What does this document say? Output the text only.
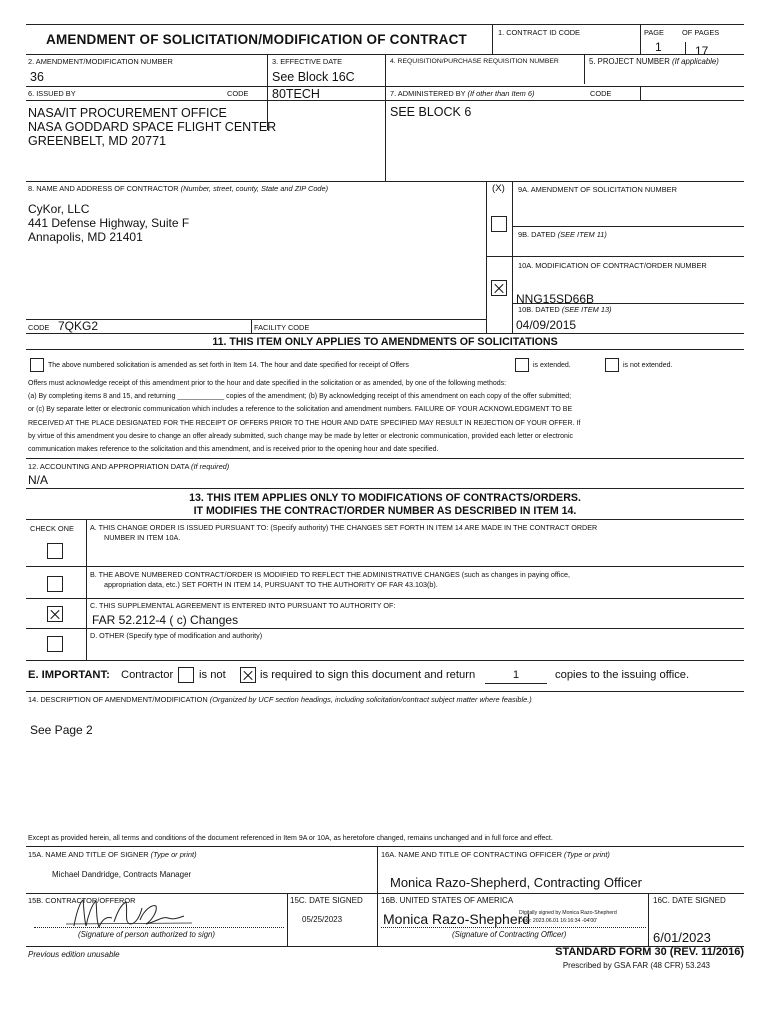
AMENDMENT OF SOLICITATION/MODIFICATION OF CONTRACT	1. CONTRACT ID CODE	PAGE OF PAGES
1	17
2. AMENDMENT/MODIFICATION NUMBER
36
3. EFFECTIVE DATE
See Block 16C
4. REQUISITION/PURCHASE REQUISITION NUMBER	5. PROJECT NUMBER (If applicable)
6. ISSUED BY	CODE 80TECH	7. ADMINISTERED BY (If other than Item 6)	CODE
NASA/IT PROCUREMENT OFFICE
NASA GODDARD SPACE FLIGHT CENTER
GREENBELT, MD 20771
SEE BLOCK 6
8. NAME AND ADDRESS OF CONTRACTOR (Number, street, county, State and ZIP Code)	(X) 9A. AMENDMENT OF SOLICITATION NUMBER
CyKor, LLC
441 Defense Highway, Suite F
Annapolis, MD 21401	9B. DATED (SEE ITEM 11)
10A. MODIFICATION OF CONTRACT/ORDER NUMBER
NNG15SD66B
10B. DATED (SEE ITEM 13)
04/09/2015
CODE 7QKG2	FACILITY CODE
11. THIS ITEM ONLY APPLIES TO AMENDMENTS OF SOLICITATIONS
The above numbered solicitation is amended as set forth in Item 14. The hour and date specified for receipt of Offers	is extended.	is not extended.
Offers must acknowledge receipt of this amendment prior to the hour and date specified in the solicitation or as amended, by one of the following methods:
(a) By completing items 8 and 15, and returning ____________ copies of the amendment; (b) By acknowledging receipt of this amendment on each copy of the offer submitted;
or (c) By separate letter or electronic communication which includes a reference to the solicitation and amendment numbers. FAILURE OF YOUR ACKNOWLEDGMENT TO BE
RECEIVED AT THE PLACE DESIGNATED FOR THE RECEIPT OF OFFERS PRIOR TO THE HOUR AND DATE SPECIFIED MAY RESULT IN REJECTION OF YOUR OFFER. If
by virtue of this amendment you desire to change an offer already submitted, such change may be made by letter or electronic communication, provided each letter or electronic
communication makes reference to the solicitation and this amendment, and is received prior to the opening hour and date specified.
12. ACCOUNTING AND APPROPRIATION DATA (If required)
N/A
13. THIS ITEM APPLIES ONLY TO MODIFICATIONS OF CONTRACTS/ORDERS.
IT MODIFIES THE CONTRACT/ORDER NUMBER AS DESCRIBED IN ITEM 14.
CHECK ONE A. THIS CHANGE ORDER IS ISSUED PURSUANT TO: (Specify authority) THE CHANGES SET FORTH IN ITEM 14 ARE MADE IN THE CONTRACT ORDER
NUMBER IN ITEM 10A.
B. THE ABOVE NUMBERED CONTRACT/ORDER IS MODIFIED TO REFLECT THE ADMINISTRATIVE CHANGES (such as changes in paying office,
appropriation data, etc.) SET FORTH IN ITEM 14, PURSUANT TO THE AUTHORITY OF FAR 43.103(b).
C. THIS SUPPLEMENTAL AGREEMENT IS ENTERED INTO PURSUANT TO AUTHORITY OF:
FAR 52.212-4 ( c) Changes
D. OTHER (Specify type of modification and authority)
E. IMPORTANT: Contractor is not	is required to sign this document and return	1	copies to the issuing office.
14. DESCRIPTION OF AMENDMENT/MODIFICATION (Organized by UCF section headings, including solicitation/contract subject matter where feasible.)
See Page 2
Except as provided herein, all terms and conditions of the document referenced in Item 9A or 10A, as heretofore changed, remains unchanged and in full force and effect.
15A. NAME AND TITLE OF SIGNER (Type or print)
Michael Dandridge, Contracts Manager
16A. NAME AND TITLE OF CONTRACTING OFFICER (Type or print)
Monica Razo-Shepherd, Contracting Officer
15B. CONTRACTOR/OFFEROR
(Signature of person authorized to sign)
15C. DATE SIGNED
05/25/2023
16B. UNITED STATES OF AMERICA
Monica Razo-Shepherd
Digitally signed by Monica Razo-Shepherd
Date: 2023.06.01 16:16:34 -04'00'
(Signature of Contracting Officer)
16C. DATE SIGNED
6/01/2023
Previous edition unusable	STANDARD FORM 30 (REV. 11/2016)
Prescribed by GSA FAR (48 CFR) 53.243
